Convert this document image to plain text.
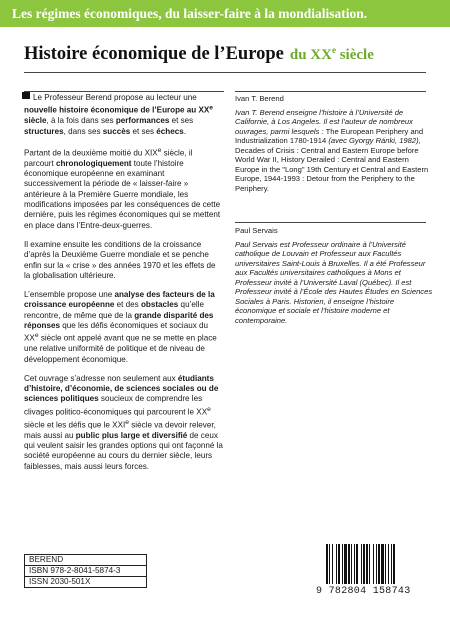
Les régimes économiques, du laisser-faire à la mondialisation.
Histoire économique de l’Europe du XXe siècle

Le Professeur Berend propose au lecteur une nouvelle histoire économique de l’Europe au XXe siècle, à la fois dans ses performances et ses structures, dans ses succès et ses échecs.

Partant de la deuxième moitié du XIXe siècle, il parcourt chronologiquement toute l’histoire économique européenne en examinant successivement la période de « laisser-faire » antérieure à la Première Guerre mondiale, les modifications imposées par les conséquences de cette dernière, puis les régimes économiques qui se mettent en place dans l’Entre-deux-guerres.

Il examine ensuite les conditions de la croissance d’après la Deuxième Guerre mondiale et se penche enfin sur la « crise » des années 1970 et les effets de la globalisation ultérieure.

L’ensemble propose une analyse des facteurs de la croissance européenne et des obstacles qu’elle rencontre, de même que de la grande disparité des réponses que les défis économiques et sociaux du XXe siècle ont appelé avant que ne se mette en place une relative uniformité de politique et de niveau de développement économique.

Cet ouvrage s’adresse non seulement aux étudiants d’histoire, d’économie, de sciences sociales ou de sciences politiques soucieux de comprendre les clivages politico-économiques qui parcourent le XXe siècle et les défis que le XXIe siècle va devoir relever, mais aussi au public plus large et diversifié de ceux qui veulent saisir les grandes options qui ont façonné la société européenne au cours du dernier siècle, leurs faiblesses, mais aussi leurs forces.

Ivan T. Berend
Ivan T. Berend enseigne l’histoire à l’Université de Californie, à Los Angeles. Il est l’auteur de nombreux ouvrages, parmi lesquels : The European Periphery and Industrialization 1780-1914 (avec Gyorgy Ránki, 1982), Decades of Crisis : Central and Eastern Europe before World War II, History Derailed : Central and Eastern Europe in the "Long" 19th Century et Central and Eastern Europe, 1944-1993 : Detour from the Periphery to the Periphery.
Paul Servais
Paul Servais est Professeur ordinaire à l’Université catholique de Louvain et Professeur aux Facultés universitaires Saint-Louis à Bruxelles. Il a été Professeur aux Facultés universitaires catholiques à Mons et Professeur invité à l’Université Laval (Québec). Il est Professeur invité à l’École des Hautes Études en Sciences Sociales à Paris. Historien, il enseigne l’histoire économique et sociale et l’histoire moderne et contemporaine.
BEREND
ISBN 978-2-8041-5874-3
ISSN 2030-501X
9 782804 158743
